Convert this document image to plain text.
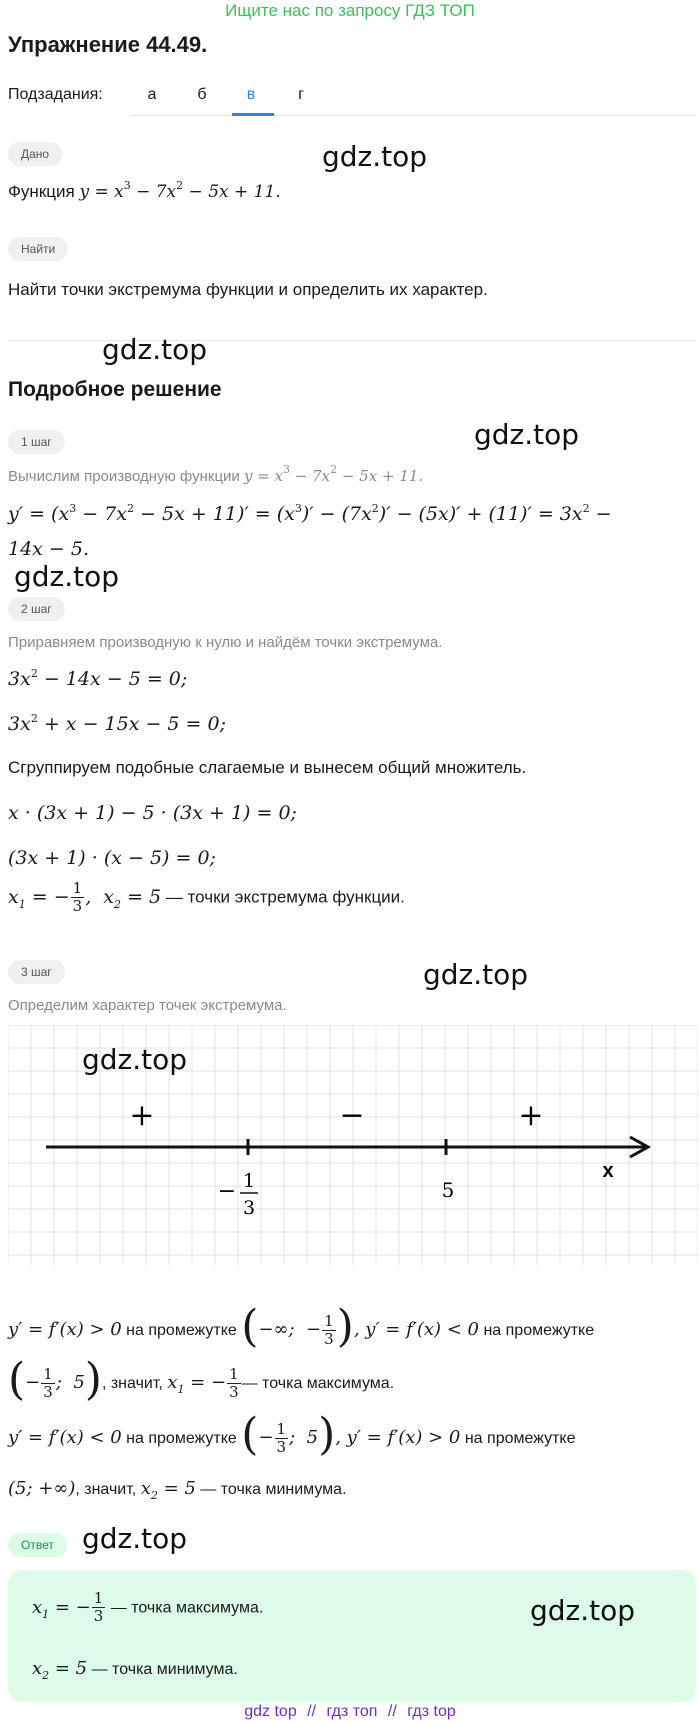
Ищите нас по запросу ГДЗ ТОП
Упражнение 44.49.
Подзадания:	а	б	в	г
Дано	gdz.top
Функция $y = x^3 - 7x^2 - 5x + 11$.
Найти
Найти точки экстремума функции и определить их характер.
gdz.top
Подробное решение
1 шаг	gdz.top
Вычислим производную функции $y = x^3 - 7x^2 - 5x + 11$.
$y' = (x^3 - 7x^2 - 5x + 11)' = (x^3)' - (7x^2)' - (5x)' + (11)' = 3x^2$ −
14x − 5.
gdz.top
2 шаг
Приравняем производную к нулю и найдём точки экстремума.
$3x^2 - 14x - 5 = 0$;
$3x^2 + x - 15x - 5 = 0$;
Сгруппируем подобные слагаемые и вынесем общий множитель.
x · (3x + 1) − 5 · (3x + 1) = 0;
(3x + 1) · (x − 5) = 0;
$x_1$ = − $\frac{1}{3}$ ,  $x_2 = 5$ — точки экстремума функции.
3 шаг	gdz.top
Определим характер точек экстремума.
+	−	+
x
− 1
3
5
gdz.top
y′ = f′(x) > 0 на промежутке (−∞;  − $\frac{1}{3}$ ), y′ = f′(x) < 0 на промежутке
(− $\frac{1}{3}$ ;  5), значит, $x_1$ = − $\frac{1}{3}$ — точка максимума.
y′ = f′(x) < 0 на промежутке (− $\frac{1}{3}$ ;  5), y′ = f′(x) > 0 на промежутке
(5; +∞), значит, $x_2 = 5$ — точка минимума.
gdz.top
Ответ
$x_1$ = − $\frac{1}{3}$ — точка максимума.
$x_2 = 5$ — точка минимума.
gdz.top
gdz top // гдз топ // гдз top
